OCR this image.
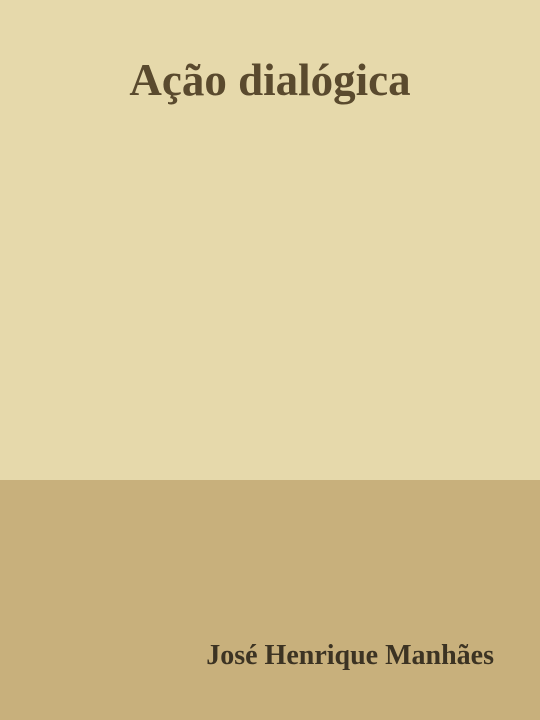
Ação dialógica

José Henrique Manhães
